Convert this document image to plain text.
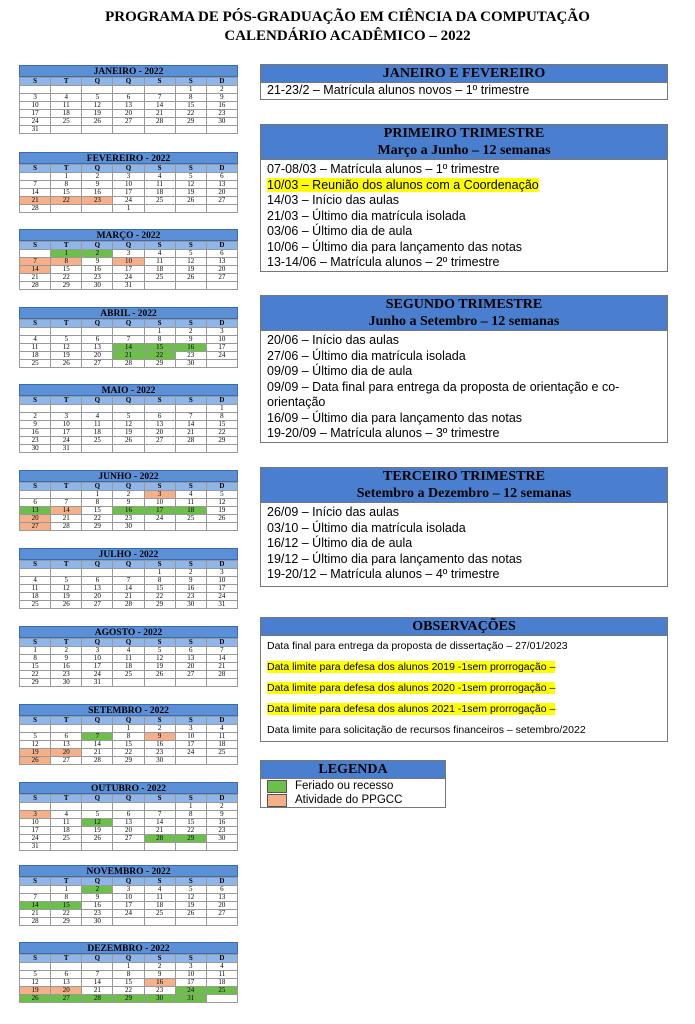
PROGRAMA DE PÓS-GRADUAÇÃO EM CIÊNCIA DA COMPUTAÇÃO
CALENDÁRIO ACADÊMICO – 2022
JANEIRO - 2022
S	T	Q	Q	S	S	D
					1	2
3	4	5	6	7	8	9
10	11	12	13	14	15	16
17	18	19	20	21	22	23
24	25	26	27	28	29	30
31						
FEVEREIRO - 2022
S	T	Q	Q	S	S	D
	1	2	3	4	5	6
7	8	9	10	11	12	13
14	15	16	17	18	19	20
21	22	23	24	25	26	27
28			1			
MARÇO - 2022
S	T	Q	Q	S	S	D
	1	2	3	4	5	6
7	8	9	10	11	12	13
14	15	16	17	18	19	20
21	22	23	24	25	26	27
28	29	30	31			
ABRIL - 2022
S	T	Q	Q	S	S	D
				1	2	3
4	5	6	7	8	9	10
11	12	13	14	15	16	17
18	19	20	21	22	23	24
25	26	27	28	29	30	
MAIO - 2022
S	T	Q	Q	S	S	D
						1
2	3	4	5	6	7	8
9	10	11	12	13	14	15
16	17	18	19	20	21	22
23	24	25	26	27	28	29
30	31					
JUNHO - 2022
S	T	Q	Q	S	S	D
		1	2	3	4	5
6	7	8	9	10	11	12
13	14	15	16	17	18	19
20	21	22	23	24	25	26
27	28	29	30			
JULHO - 2022
S	T	Q	Q	S	S	D
				1	2	3
4	5	6	7	8	9	10
11	12	13	14	15	16	17
18	19	20	21	22	23	24
25	26	27	28	29	30	31
AGOSTO - 2022
S	T	Q	Q	S	S	D
1	2	3	4	5	6	7
8	9	10	11	12	13	14
15	16	17	18	19	20	21
22	23	24	25	26	27	28
29	30	31				
SETEMBRO - 2022
S	T	Q	Q	S	S	D
			1	2	3	4
5	6	7	8	9	10	11
12	13	14	15	16	17	18
19	20	21	22	23	24	25
26	27	28	29	30		
OUTUBRO - 2022
S	T	Q	Q	S	S	D
					1	2
3	4	5	6	7	8	9
10	11	12	13	14	15	16
17	18	19	20	21	22	23
24	25	26	27	28	29	30
31						
NOVEMBRO - 2022
S	T	Q	Q	S	S	D
	1	2	3	4	5	6
7	8	9	10	11	12	13
14	15	16	17	18	19	20
21	22	23	24	25	26	27
28	29	30				
DEZEMBRO - 2022
S	T	Q	Q	S	S	D
			1	2	3	4
5	6	7	8	9	10	11
12	13	14	15	16	17	18
19	20	21	22	23	24	25
26	27	28	29	30	31	
JANEIRO E FEVEREIRO
21-23/2 – Matrícula alunos novos – 1º trimestre
PRIMEIRO TRIMESTRE
Março a Junho – 12 semanas
07-08/03 – Matrícula alunos – 1º trimestre
10/03 – Reunião dos alunos com a Coordenação
14/03 – Início das aulas
21/03 – Último dia matrícula isolada
03/06 – Último dia de aula
10/06 – Último dia para lançamento das notas
13-14/06 – Matrícula alunos – 2º trimestre
SEGUNDO TRIMESTRE
Junho a Setembro – 12 semanas
20/06 – Início das aulas
27/06 – Último dia matrícula isolada
09/09 – Último dia de aula
09/09 – Data final para entrega da proposta de orientação e co-orientação
16/09 – Último dia para lançamento das notas
19-20/09 – Matrícula alunos – 3º trimestre
TERCEIRO TRIMESTRE
Setembro a Dezembro – 12 semanas
26/09 – Início das aulas
03/10 – Último dia matrícula isolada
16/12 – Último dia de aula
19/12 – Último dia para lançamento das notas
19-20/12 – Matrícula alunos – 4º trimestre
OBSERVAÇÕES
Data final para entrega da proposta de dissertação – 27/01/2023
Data limite para defesa dos alunos 2019 -1sem prorrogação –
Data limite para defesa dos alunos 2020 -1sem prorrogação –
Data limite para defesa dos alunos 2021 -1sem prorrogação –
Data limite para solicitação de recursos financeiros – setembro/2022
LEGENDA
Feriado ou recesso
Atividade do PPGCC
